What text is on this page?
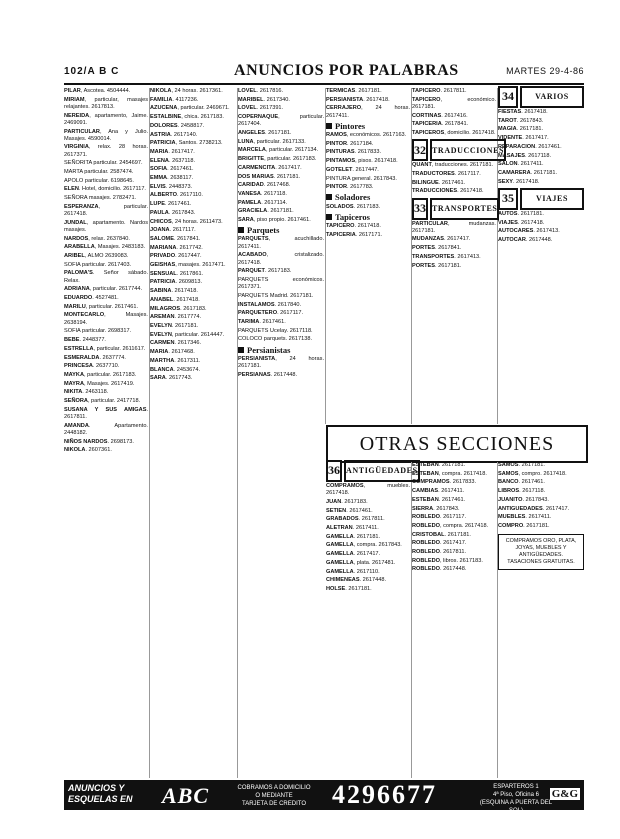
102/A B C	ANUNCIOS POR PALABRAS	MARTES 29-4-86
PILAR, Ascotea. 4504444.
MIRIAM, particular, masajes relajantes. 2617813.
NEREIDA, apartamento, Jaime. 2469091.
PARTICULAR, Ana y Julio. Masajes. 4590014.
VIRGINIA, relax. 28 horas. 2617371.
SEÑORITA particular. 2454697.
MARTA particular. 2587474.
APOLO particular. 6198645.
ELEN. Hotel, domicilio. 2617117.
SEÑORA masajes. 2782471.
ESPERANZA, particular. 2617418.
JUNDAL, apartamento. Nardos masajes.
NARDOS, relax. 2637840.
ARABELLA, Masajes. 2483183.
ARIBEL, ALMO 2639083.
SOFIA particular. 2617403.
PALOMA'S. Señor sábado. Relax.
ADRIANA, particular. 2617744.
EDUARDO. 4527481.
MARILU, particular. 2617461.
MONTECARLO, Masajes. 2638194.
SOFIA particular. 2698317.
BEBE. 2448377.
ESTRELLA, particular. 2611617.
ESMERALDA. 2637774.
PRINCESA. 2637710.
MAYKA, particular. 2617183.
MAYRA, Masajes. 2617419.
NIKITA. 2463118.
SEÑORA, particular. 2417718.
SUSANA Y SUS AMIGAS. 2617811.
AMANDA. Apartamento. 2448182.
NIÑOS NARDOS. 2698173.
NIKOLA. 2607361.
NIKOLA, 24 horas. 2617361.
FAMILIA. 4117236.
AZUCENA, particular. 2469671.
ESTALBINE, chica. 2617183.
DOLORES. 2458817.
ASTRIA. 2617140.
PATRICIA, Santos. 2738213.
MARIA. 2617417.
ELENA. 2637118.
SOFIA. 2617461.
EMMA. 2638117.
ELVIS. 2448373.
ALBERTO. 2617110.
LUPE. 2617461.
PAULA. 2617843.
CHICOS, 24 horas. 2611473.
JOANA. 2617117.
SALOME. 2617841.
MARIANA. 2617742.
PRIVADO. 2617447.
GEISHAS, masajes. 2617471.
SENSUAL. 2617861.
PATRICIA. 2609813.
SABINA. 2617418.
ANABEL. 2617418.
MILAGROS. 2617183.
AREMAN. 2617774.
EVELYN. 2617181.
EVELYN, particular. 2614447.
CARMEN. 2617346.
MARIA. 2617468.
MARTHA. 2617311.
BLANCA. 2453674.
SARA. 2617743.
LOVEL. 2617816.
MARIBEL. 2617340.
LOVEL. 2617391.
COPERNAQUE, particular. 2617404.
ANGELES. 2617181.
LUNA, particular. 2617133.
MARCELA, particular. 2617134.
BRIGITTE, particular. 2617183.
CARMENCITA. 2617417.
DOS MARIAS. 2617181.
CARIDAD. 2617468.
VANESA. 2617118.
PAMELA. 2617114.
GRACIELA. 2617181.
SARA, piso propio. 2617461.
Parquets
PARQUETS, acuchillado. 2617411.
ACABADO, cristalizado. 2617418.
PARQUET. 2617183.
PARQUETS económicos. 2617371.
PARQUETS Madrid. 2617181.
INSTALAMOS. 2617840.
PARQUETERO. 2617117.
TARIMA. 2617461.
PARQUETS Ucelay. 2617118.
COLOCO parquets. 2617138.
Persianistas
PERSIANISTA, 24 horas. 2617181.
PERSIANAS. 2617448.
TERMICAS. 2617181.
PERSIANISTA. 2617418.
CERRAJERO, 24 horas. 2617411.
Pintores
RAMOS, económicos. 2617163.
PINTOR. 2617184.
PINTURAS. 2617833.
PINTAMOS, pisos. 2617418.
GOTELET. 2617447.
PINTURA general. 2617843.
PINTOR. 2617783.
Soladores
SOLADOS. 2617183.
Tapiceros
TAPICERO. 2617418.
TAPICERIA. 2617171.
TAPICERO. 2617811.
TAPICERO, económico. 2617181.
CORTINAS. 2617416.
TAPICERIA. 2617841.
TAPICEROS, domicilio. 2617418.
32 TRADUCCIONES
QUANT, traducciones. 2617181.
TRADUCTORES. 2617117.
BILINGUE. 2617461.
TRADUCCIONES. 2617418.
33 TRANSPORTES
PARTICULAR, mudanzas. 2617181.
MUDANZAS. 2617417.
PORTES. 2617841.
TRANSPORTES. 2617413.
PORTES. 2617181.
34	VARIOS
FIESTAS. 2617418.
TAROT. 2617843.
MAGIA. 2617181.
VIDENTE. 2617417.
REPARACION. 2617461.
MASAJES. 2617118.
SALON. 2617411.
CAMARERA. 2617181.
SEXY. 2617418.
35	VIAJES
AUTOS. 2617181.
VIAJES. 2617418.
AUTOCARES. 2617413.
AUTOCAR. 2617448.
OTRAS SECCIONES
36 ANTIGÜEDADES
COMPRAMOS, muebles. 2617418.
JUAN. 2617183.
SETIEN. 2617461.
GRABADOS. 2617811.
ALETRAN. 2617411.
GAMELLA. 2617181.
GAMELLA, compra. 2617843.
GAMELLA. 2617417.
GAMELLA, plata. 2617481.
GAMELLA. 2617110.
CHIMENEAS. 2617448.
HOLSE. 2617181.
ESTEBAN. 2617181.
ESTEBAN, compra. 2617418.
COMPRAMOS. 2617833.
CAMBIAS. 2617411.
ESTEBAN. 2617461.
SIERRA. 2617843.
ROBLEDO. 2617117.
ROBLEDO, compra. 2617418.
CRISTOBAL. 2617181.
ROBLEDO. 2617417.
ROBLEDO. 2617811.
ROBLEDO, libros. 2617183.
ROBLEDO. 2617448.
SAMOS. 2617181.
SAMOS, compro. 2617418.
BANCO. 2617461.
LIBROS. 2617118.
JUANITO. 2617843.
ANTIGUEDADES. 2617417.
MUEBLES. 2617411.
COMPRO. 2617181.
COMPRAMOS ORO, PLATA, JOYAS, MUEBLES Y ANTIGÜEDADES. TASACIONES GRATUITAS.
ANUNCIOS Y
ESQUELAS EN ABC	COBRAMOS A DOMICILIO
O MEDIANTE
TARJETA DE CREDITO	4296677	ESPARTEROS 1
4ª Piso, Oficina 6
(ESQUINA A PUERTA DEL SOL)
G&G
